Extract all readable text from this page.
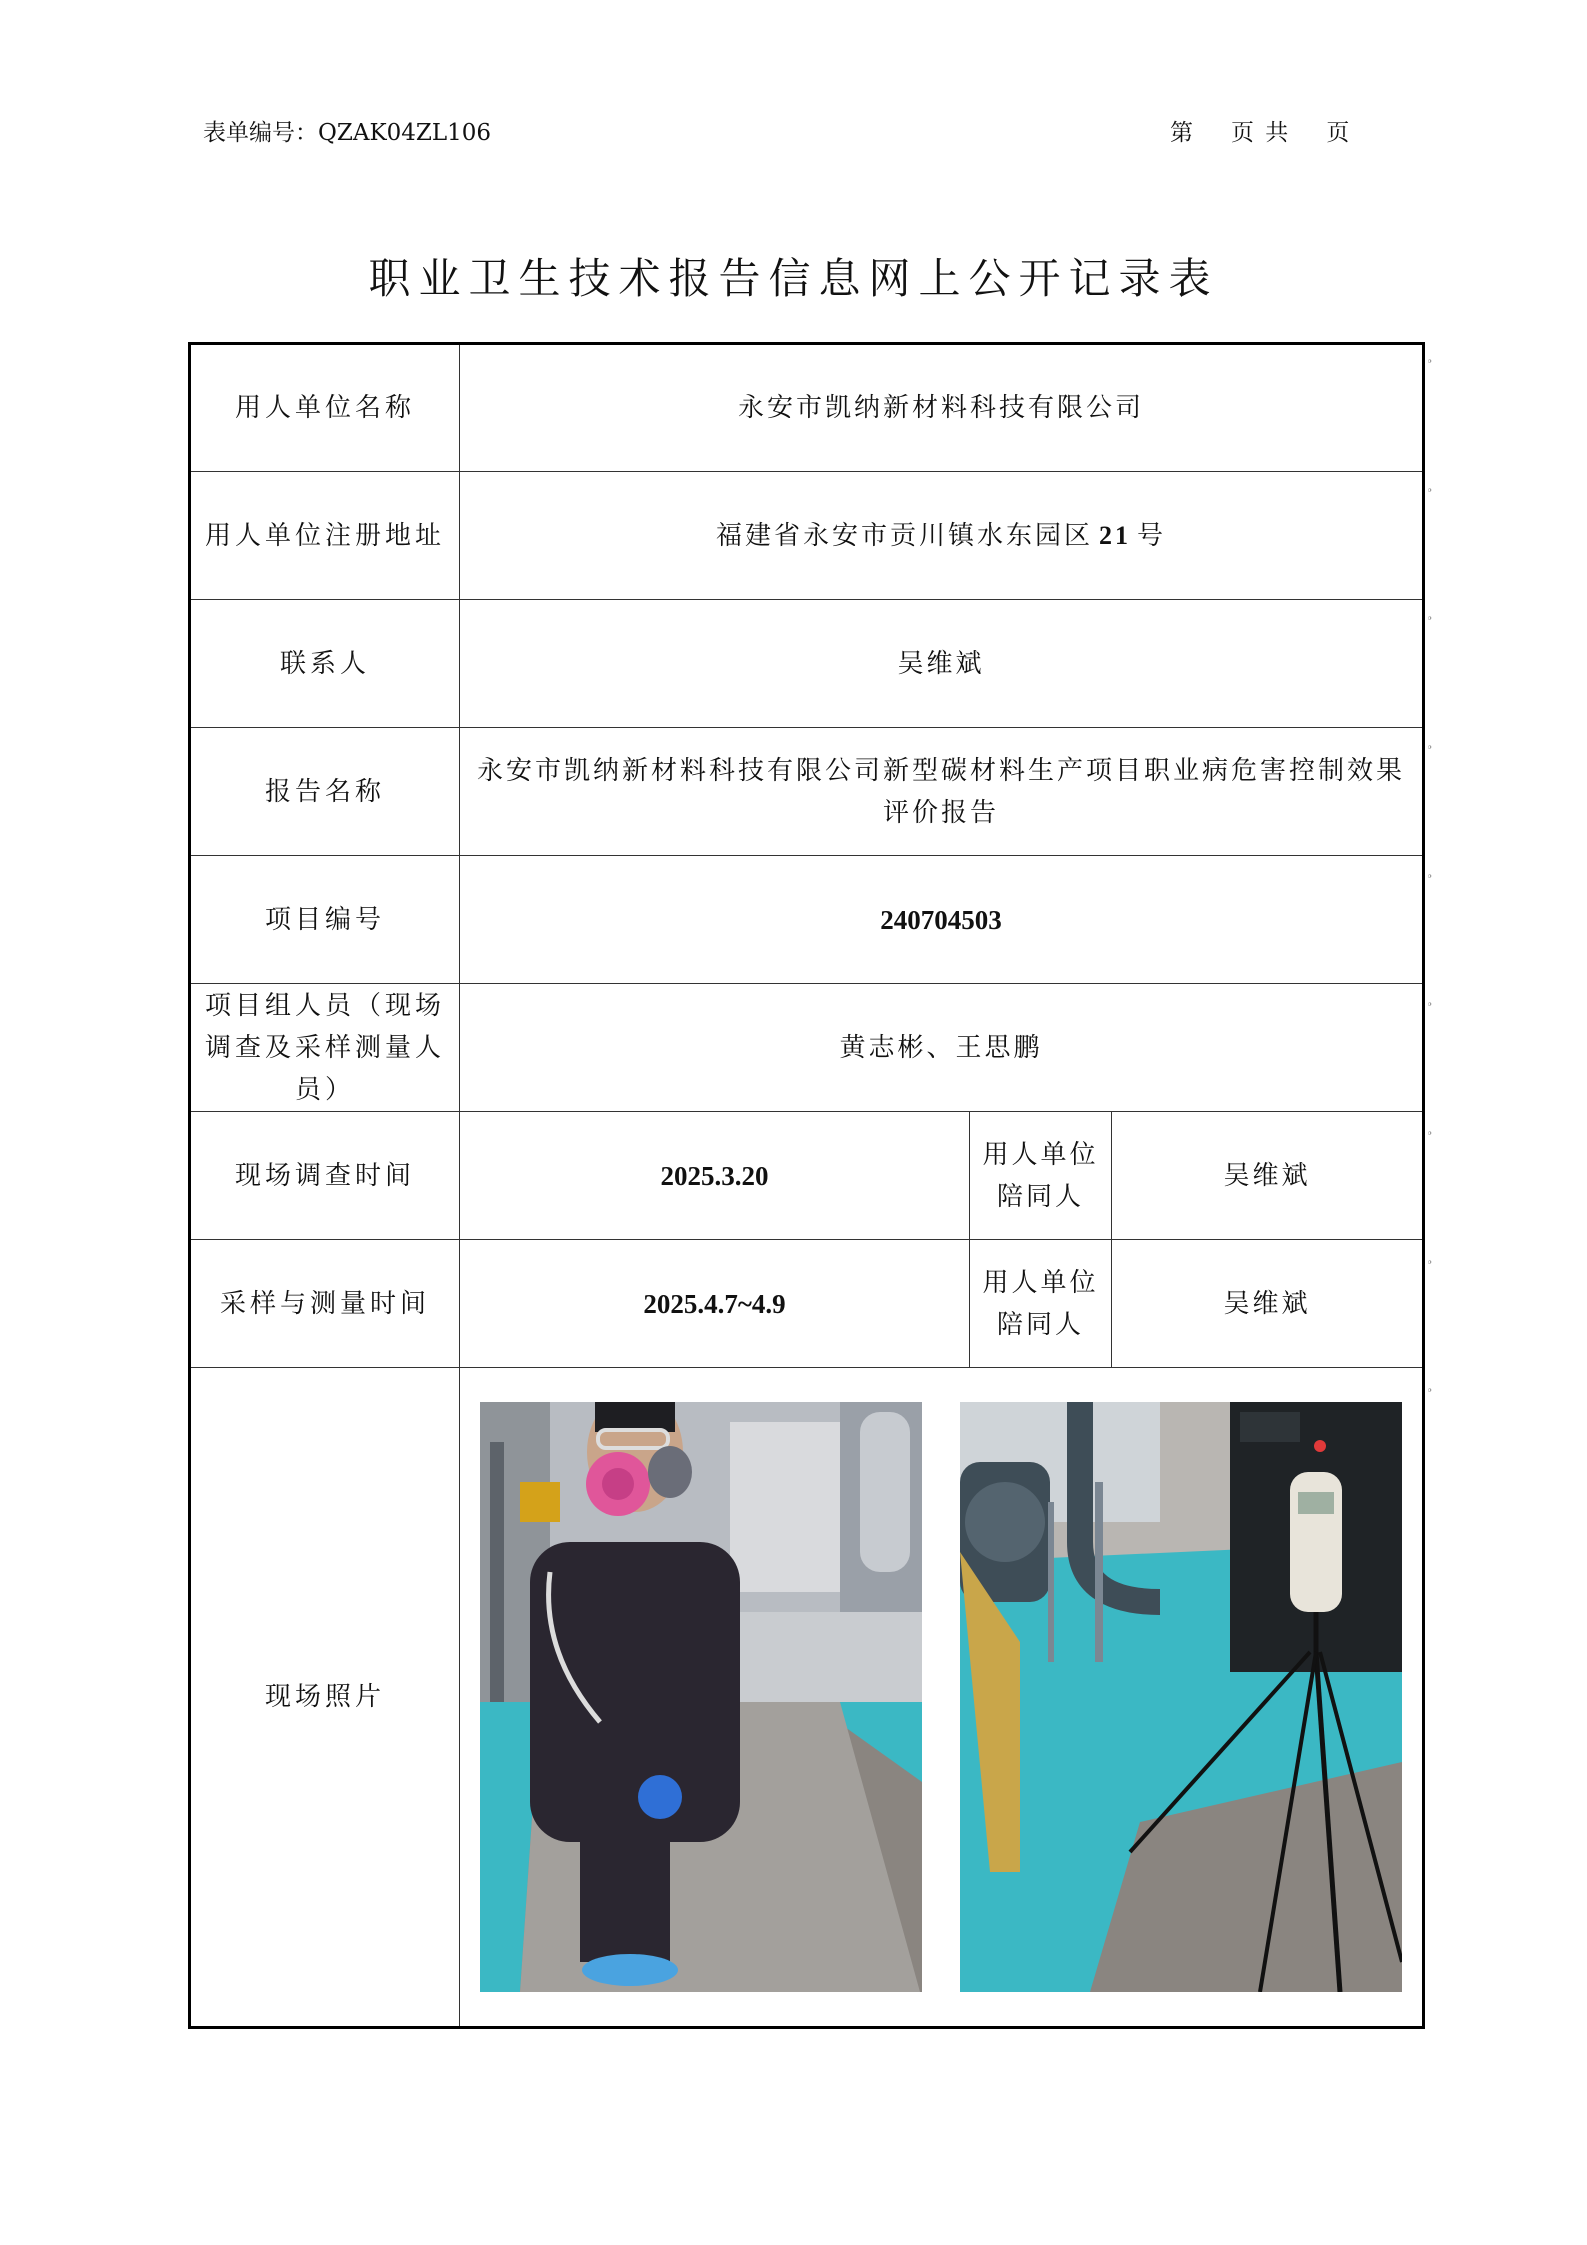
表单编号：QZAK04ZL106	第 页 共 页
职业卫生技术报告信息网上公开记录表
用人单位名称	永安市凯纳新材料科技有限公司		
用人单位注册地址	福建省永安市贡川镇水东园区 21 号		
联系人	吴维斌		
报告名称	永安市凯纳新材料科技有限公司新型碳材料生产项目职业病危害控制效果评价报告		
项目编号	240704503		
项目组人员（现场调查及采样测量人员）	黄志彬、王思鹏		
现场调查时间	2025.3.20	用人单位陪同人	吴维斌
采样与测量时间	2025.4.7~4.9	用人单位陪同人	吴维斌
现场照片	
ᵓ
ᵓ
ᵓ
ᵓ
ᵓ
ᵓ
ᵓ
ᵓ
ᵓ
